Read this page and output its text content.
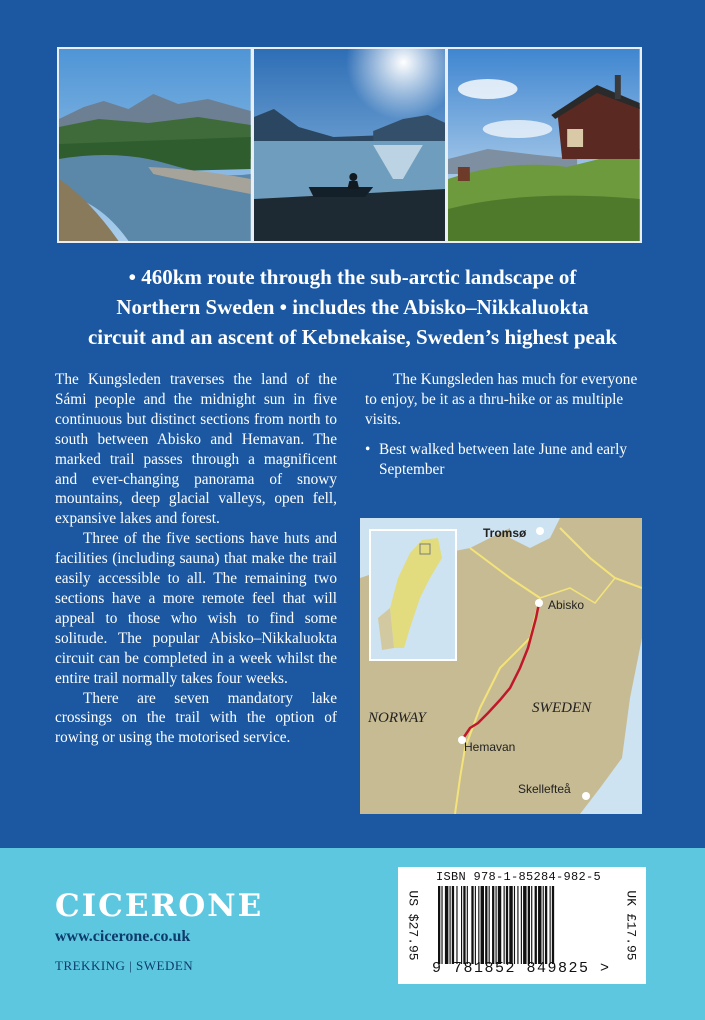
• 460km route through the sub-arctic landscape of
Northern Sweden • includes the Abisko–Nikkaluokta
circuit and an ascent of Kebnekaise, Sweden’s highest peak

The Kungsleden traverses the land of the Sámi people and the midnight sun in five continuous but distinct sections from north to south between Abisko and Hemavan. The marked trail passes through a magnificent and ever-changing panorama of snowy mountains, deep glacial valleys, open fell, expansive lakes and forest.

Three of the five sections have huts and facilities (including sauna) that make the trail easily accessible to all. The remaining two sections have a more remote feel that will appeal to those who wish to find some solitude. The popular Abisko–Nikkaluokta circuit can be completed in a week whilst the entire trail normally takes four weeks.

There are seven mandatory lake crossings on the trail with the option of rowing or using the motorised service.

The Kungsleden has much for everyone to enjoy, be it as a thru-hike or as multiple visits.

• Best walked between late June and early September
Tromsø
Abisko
Hemavan
Skellefteå
NORWAY
SWEDEN
CICERONE
www.cicerone.co.uk
TREKKING | SWEDEN
US $27.95	UK £17.95
ISBN 978-1-85284-982-5
9 781852 849825 >
